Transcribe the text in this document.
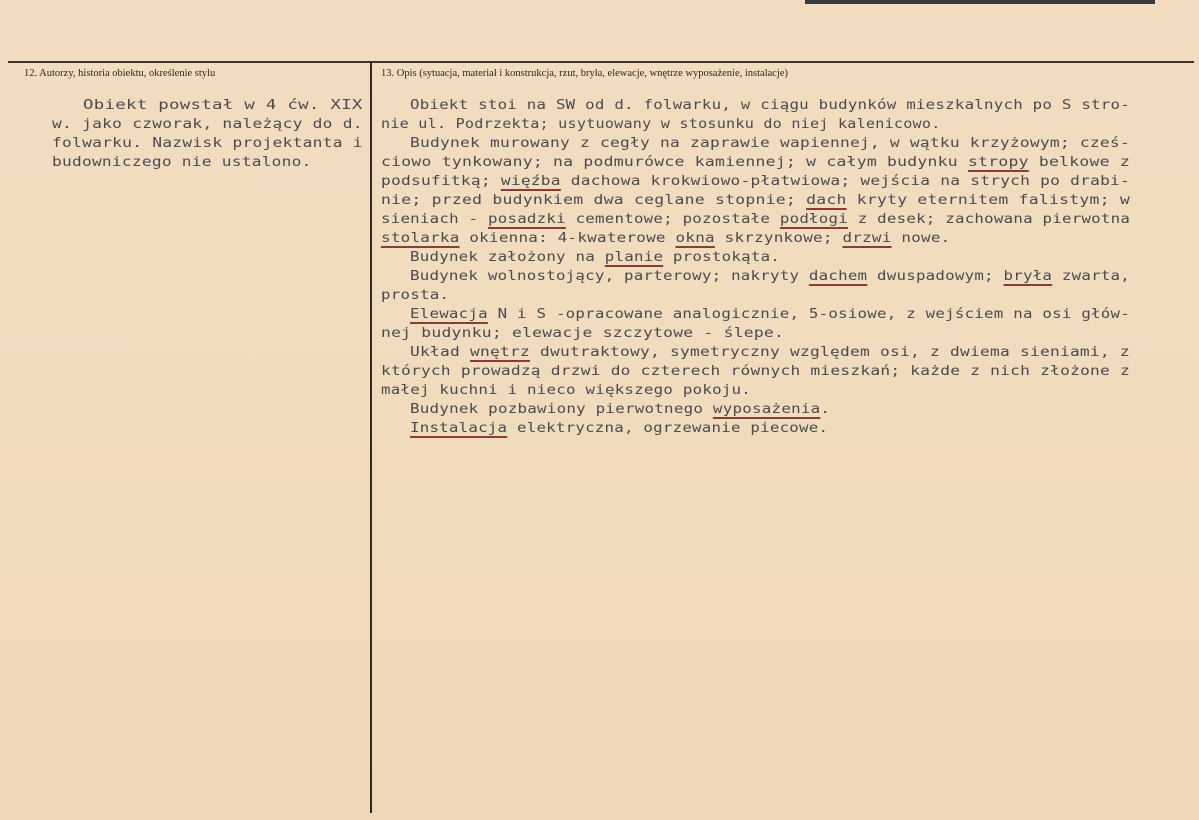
12. Autorzy, historia obiektu, określenie stylu	13. Opis (sytuacja, materiał i konstrukcja, rzut, bryła, elewacje, wnętrze wyposażenie, instalacje)

Obiekt powstał w 4 ćw. XIX

w. jako czworak, należący do d.

folwarku. Nazwisk projektanta i

budowniczego nie ustalono.

Obiekt stoi na SW od d. folwarku, w ciągu budynków mieszkalnych po S stro-
nie ul. Podrzekta; usytuowany w stosunku do niej kalenicowo.
Budynek murowany z cegły na zaprawie wapiennej, w wątku krzyżowym; cześ-
ciowo tynkowany; na podmurówce kamiennej; w całym budynku stropy belkowe z
podsufitką; więźba dachowa krokwiowo-płatwiowa; wejścia na strych po drabi-
nie; przed budynkiem dwa ceglane stopnie; dach kryty eternitem falistym; w
sieniach - posadzki cementowe; pozostałe podłogi z desek; zachowana pierwotna
stolarka okienna: 4-kwaterowe okna skrzynkowe; drzwi nowe.
Budynek założony na planie prostokąta.
Budynek wolnostojący, parterowy; nakryty dachem dwuspadowym; bryła zwarta,
prosta.
Elewacja N i S -opracowane analogicznie, 5-osiowe, z wejściem na osi głów-
nej budynku; elewacje szczytowe - ślepe.
Układ wnętrz dwutraktowy, symetryczny względem osi, z dwiema sieniami, z
których prowadzą drzwi do czterech równych mieszkań; każde z nich złożone z
małej kuchni i nieco większego pokoju.
Budynek pozbawiony pierwotnego wyposażenia.
Instalacja elektryczna, ogrzewanie piecowe.
